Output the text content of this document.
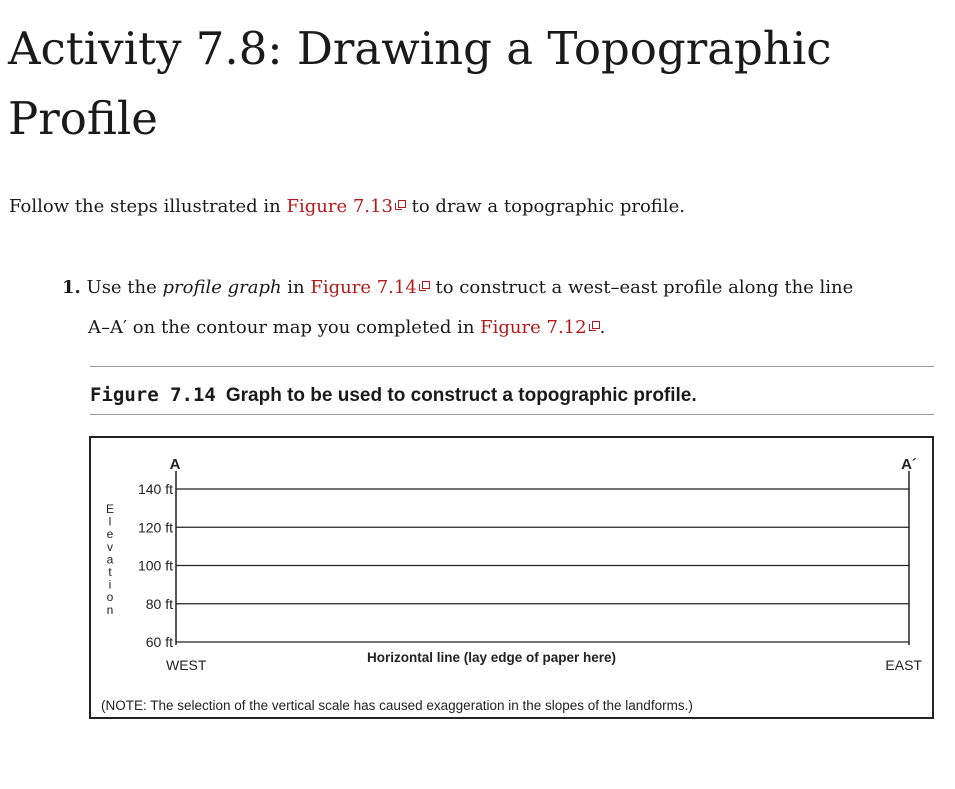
Activity 7.8: Drawing a Topographic Profile

Follow the steps illustrated in Figure 7.13 to draw a topographic profile.

1. Use the profile graph in Figure 7.14 to construct a west–east profile along the line
A–A′ on the contour map you completed in Figure 7.12 .

Figure 7.14 Graph to be used to construct a topographic profile.
140 ft
120 ft
100 ft
80 ft
60 ft
E
l
e
v
a
t
i
o
n
A	A´
WEST	EAST
Horizontal line (lay edge of paper here)
(NOTE: The selection of the vertical scale has caused exaggeration in the slopes of the landforms.)
